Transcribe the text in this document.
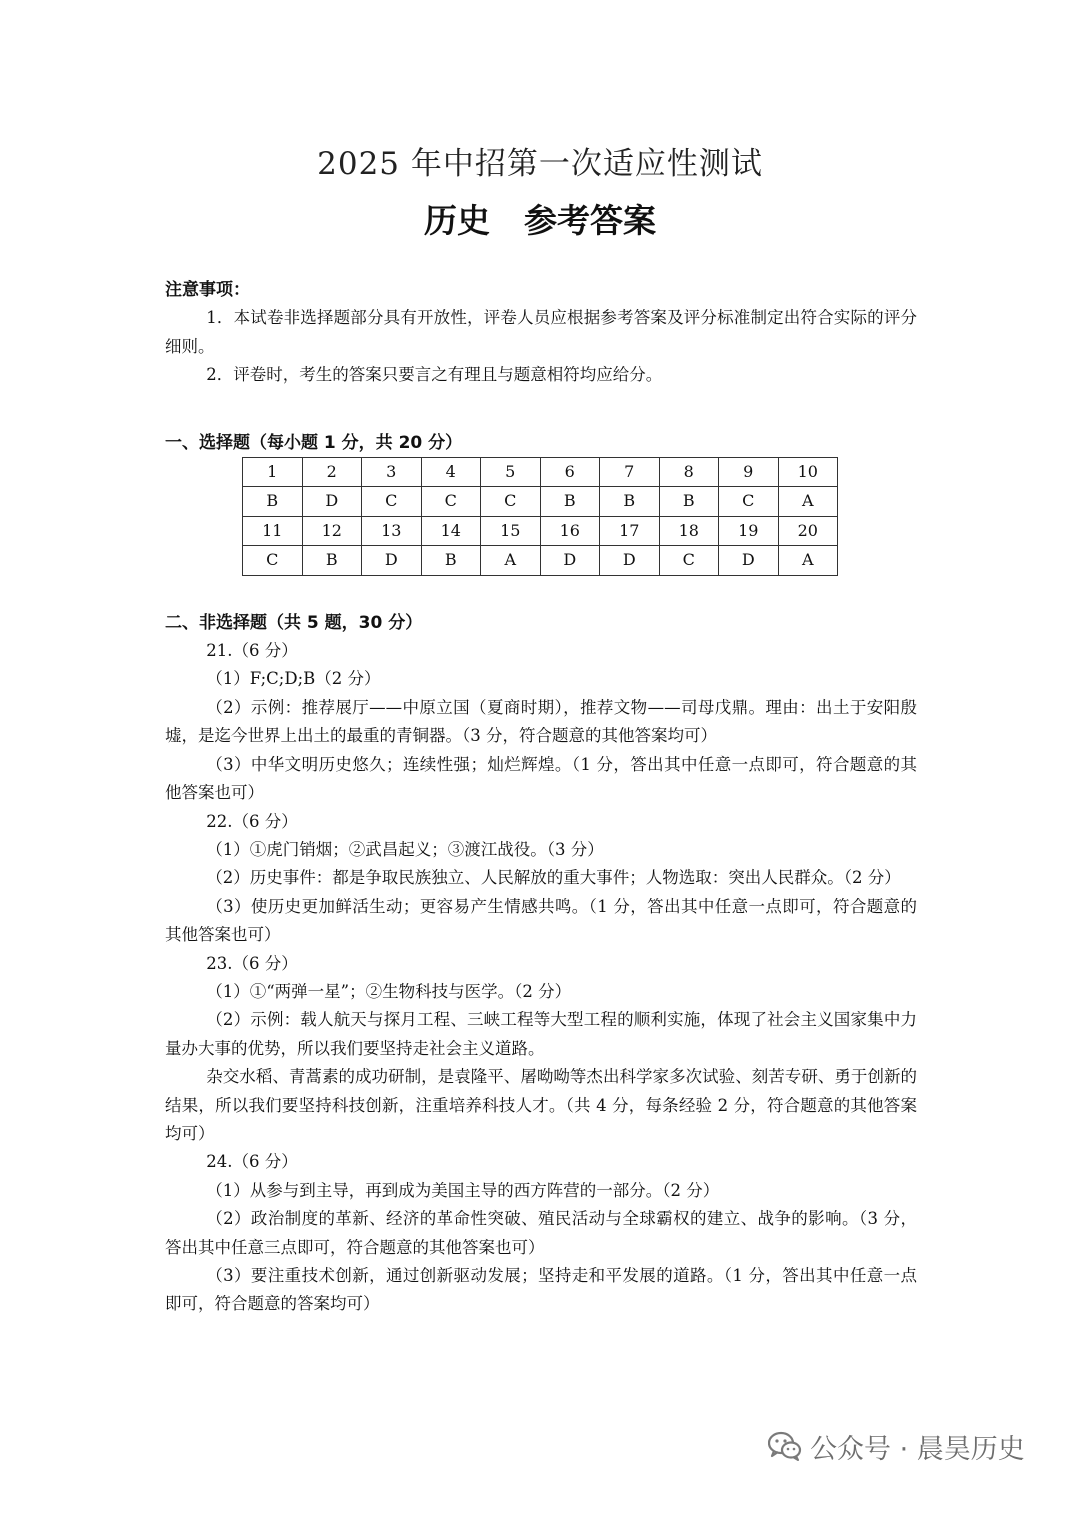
2025 年中招第一次适应性测试
历史 参考答案
注意事项：

1．本试卷非选择题部分具有开放性，评卷人员应根据参考答案及评分标准制定出符合实际的评分细则。

2．评卷时，考生的答案只要言之有理且与题意相符均应给分。

一、选择题（每小题 1 分，共 20 分）
1	2	3	4	5	6	7	8	9	10
B	D	C	C	C	B	B	B	C	A
11	12	13	14	15	16	17	18	19	20
C	B	D	B	A	D	D	C	D	A
二、非选择题（共 5 题，30 分）

21.（6 分）

（1）F;C;D;B（2 分）

（2）示例：推荐展厅——中原立国（夏商时期），推荐文物——司母戊鼎。理由：出土于安阳殷墟，是迄今世界上出土的最重的青铜器。（3 分，符合题意的其他答案均可）

（3）中华文明历史悠久；连续性强；灿烂辉煌。（1 分，答出其中任意一点即可，符合题意的其他答案也可）

22.（6 分）

（1）①虎门销烟；②武昌起义；③渡江战役。（3 分）

（2）历史事件：都是争取民族独立、人民解放的重大事件；人物选取：突出人民群众。（2 分）

（3）使历史更加鲜活生动；更容易产生情感共鸣。（1 分，答出其中任意一点即可，符合题意的其他答案也可）

23.（6 分）

（1）①“两弹一星”；②生物科技与医学。（2 分）

（2）示例：载人航天与探月工程、三峡工程等大型工程的顺利实施，体现了社会主义国家集中力量办大事的优势，所以我们要坚持走社会主义道路。

杂交水稻、青蒿素的成功研制，是袁隆平、屠呦呦等杰出科学家多次试验、刻苦专研、勇于创新的结果，所以我们要坚持科技创新，注重培养科技人才。（共 4 分，每条经验 2 分，符合题意的其他答案均可）

24.（6 分）

（1）从参与到主导，再到成为美国主导的西方阵营的一部分。（2 分）

（2）政治制度的革新、经济的革命性突破、殖民活动与全球霸权的建立、战争的影响。（3 分，答出其中任意三点即可，符合题意的其他答案也可）

（3）要注重技术创新，通过创新驱动发展；坚持走和平发展的道路。（1 分，答出其中任意一点即可，符合题意的答案均可）

公众号 · 晨昊历史
